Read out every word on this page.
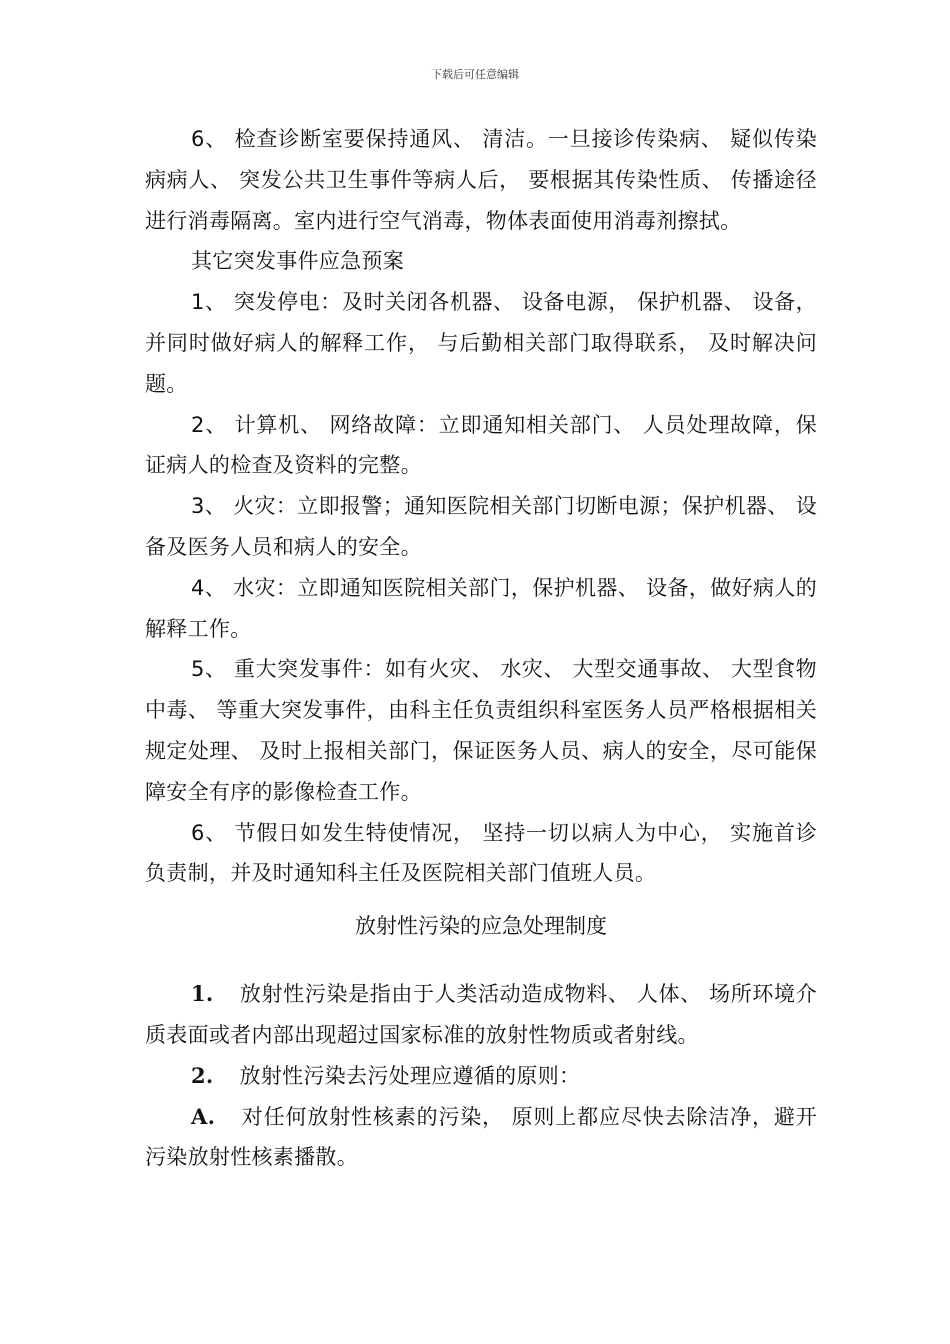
下载后可任意编辑

6、 检查诊断室要保持通风、 清洁。一旦接诊传染病、 疑似传染病病人、 突发公共卫生事件等病人后， 要根据其传染性质、 传播途径进行消毒隔离。室内进行空气消毒，物体表面使用消毒剂擦拭。

其它突发事件应急预案

1、 突发停电：及时关闭各机器、 设备电源， 保护机器、 设备， 并同时做好病人的解释工作， 与后勤相关部门取得联系， 及时解决问题。

2、 计算机、 网络故障：立即通知相关部门、 人员处理故障，保证病人的检查及资料的完整。

3、 火灾：立即报警；通知医院相关部门切断电源；保护机器、 设备及医务人员和病人的安全。

4、 水灾：立即通知医院相关部门，保护机器、 设备，做好病人的解释工作。

5、 重大突发事件：如有火灾、 水灾、 大型交通事故、 大型食物中毒、 等重大突发事件，由科主任负责组织科室医务人员严格根据相关规定处理、 及时上报相关部门，保证医务人员、病人的安全，尽可能保障安全有序的影像检查工作。

6、 节假日如发生特使情况， 坚持一切以病人为中心， 实施首诊负责制，并及时通知科主任及医院相关部门值班人员。

放射性污染的应急处理制度

1. 放射性污染是指由于人类活动造成物料、 人体、 场所环境介质表面或者内部出现超过国家标准的放射性物质或者射线。

2. 放射性污染去污处理应遵循的原则：

A. 对任何放射性核素的污染， 原则上都应尽快去除洁净，避开污染放射性核素播散。
